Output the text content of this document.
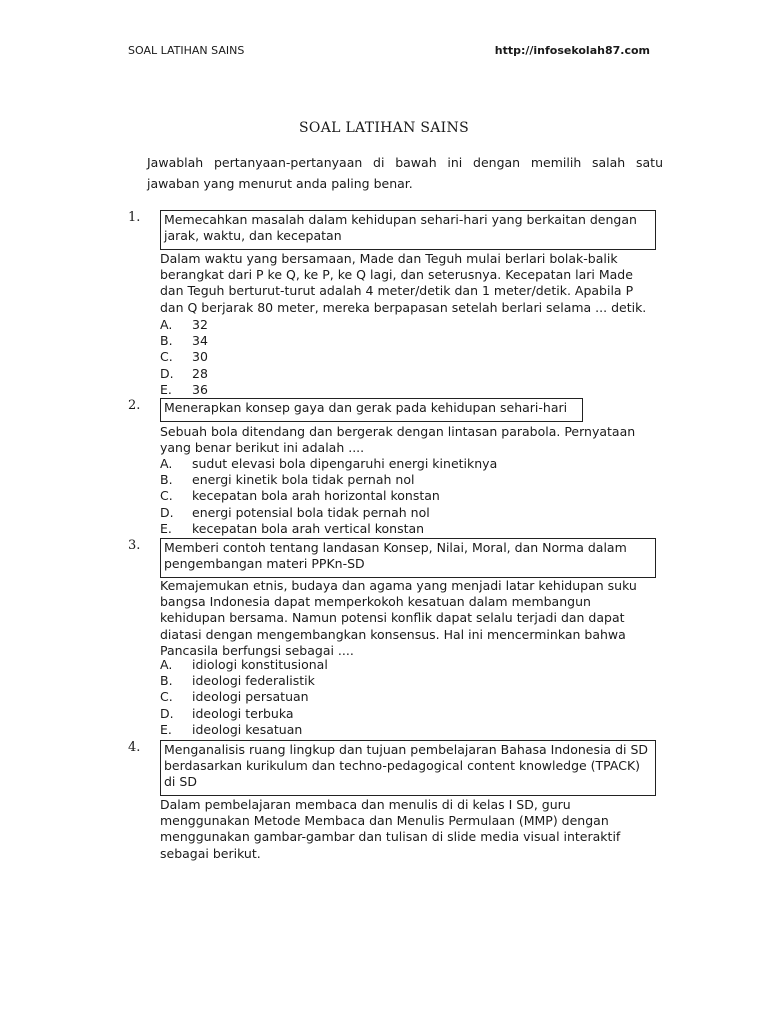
SOAL LATIHAN SAINS	http://infosekolah87.com
SOAL LATIHAN SAINS
Jawablah pertanyaan-pertanyaan di bawah ini dengan memilih salah satu jawaban yang menurut anda paling benar.
1.	Memecahkan masalah dalam kehidupan sehari-hari yang berkaitan dengan jarak, waktu, dan kecepatan
Dalam waktu yang bersamaan, Made dan Teguh mulai berlari bolak-balik berangkat dari P ke Q, ke P, ke Q lagi, dan seterusnya. Kecepatan lari Made dan Teguh berturut-turut adalah 4 meter/detik dan 1 meter/detik. Apabila P dan Q berjarak 80 meter, mereka berpapasan setelah berlari selama ... detik.
A.	32
B.	34
C.	30
D.	28
E.	36
2.	Menerapkan konsep gaya dan gerak pada kehidupan sehari-hari
Sebuah bola ditendang dan bergerak dengan lintasan parabola. Pernyataan yang benar berikut ini adalah ....
A.	sudut elevasi bola dipengaruhi energi kinetiknya
B.	energi kinetik bola tidak pernah nol
C.	kecepatan bola arah horizontal konstan
D.	energi potensial bola tidak pernah nol
E.	kecepatan bola arah vertical konstan
3.	Memberi contoh tentang landasan Konsep, Nilai, Moral, dan Norma dalam pengembangan materi PPKn-SD
Kemajemukan etnis, budaya dan agama yang menjadi latar kehidupan suku bangsa Indonesia dapat memperkokoh kesatuan dalam membangun kehidupan bersama. Namun potensi konflik dapat selalu terjadi dan dapat diatasi dengan mengembangkan konsensus. Hal ini mencerminkan bahwa Pancasila berfungsi sebagai ....
A.	idiologi konstitusional
B.	ideologi federalistik
C.	ideologi persatuan
D.	ideologi terbuka
E.	ideologi kesatuan
4.	Menganalisis ruang lingkup dan tujuan pembelajaran Bahasa Indonesia di SD berdasarkan kurikulum dan techno-pedagogical content knowledge (TPACK) di SD
Dalam pembelajaran membaca dan menulis di di kelas I SD, guru menggunakan Metode Membaca dan Menulis Permulaan (MMP) dengan menggunakan gambar-gambar dan tulisan di slide media visual interaktif sebagai berikut.
